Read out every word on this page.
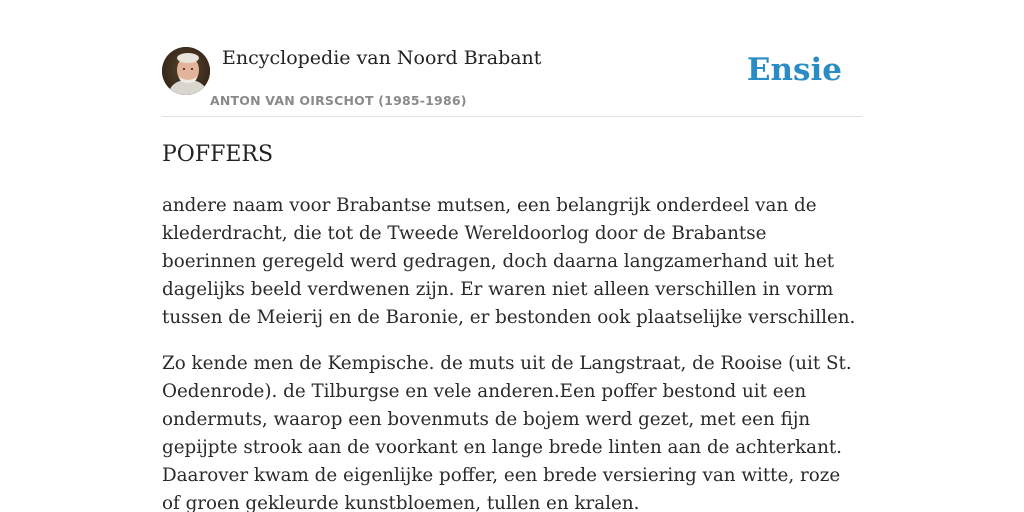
Encyclopedie van Noord Brabant
ANTON VAN OIRSCHOT (1985-1986)
Ensie
POFFERS

andere naam voor Brabantse mutsen, een belangrijk onderdeel van de klederdracht, die tot de Tweede Wereldoorlog door de Brabantse boerinnen geregeld werd gedragen, doch daarna langzamerhand uit het dagelijks beeld verdwenen zijn. Er waren niet alleen verschillen in vorm tussen de Meierij en de Baronie, er bestonden ook plaatselijke verschillen.

Zo kende men de Kempische. de muts uit de Langstraat, de Rooise (uit St. Oedenrode). de Tilburgse en vele anderen.Een poffer bestond uit een ondermuts, waarop een bovenmuts de bojem werd gezet, met een fijn gepijpte strook aan de voorkant en lange brede linten aan de achterkant. Daarover kwam de eigenlijke poffer, een brede versiering van witte, roze of groen gekleurde kunstbloemen, tullen en kralen.
